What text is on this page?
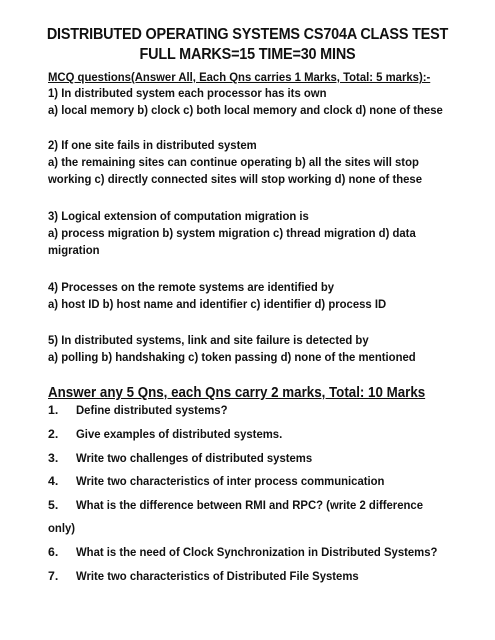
DISTRIBUTED OPERATING SYSTEMS CS704A CLASS TEST
FULL MARKS=15 TIME=30 MINS
MCQ questions(Answer All, Each Qns carries 1 Marks, Total: 5 marks):-
1) In distributed system each processor has its own
a) local memory b) clock c) both local memory and clock d) none of these
2) If one site fails in distributed system
a) the remaining sites can continue operating b) all the sites will stop
working c) directly connected sites will stop working d) none of these
3) Logical extension of computation migration is
a) process migration b) system migration c) thread migration d) data
migration
4) Processes on the remote systems are identified by
a) host ID b) host name and identifier c) identifier d) process ID
5) In distributed systems, link and site failure is detected by
a) polling b) handshaking c) token passing d) none of the mentioned
Answer any 5 Qns, each Qns carry 2 marks, Total: 10 Marks
1. Define distributed systems?
2. Give examples of distributed systems.
3. Write two challenges of distributed systems
4. Write two characteristics of inter process communication
5. What is the difference between RMI and RPC? (write 2 difference
only)
6. What is the need of Clock Synchronization in Distributed Systems?
7. Write two characteristics of Distributed File Systems
